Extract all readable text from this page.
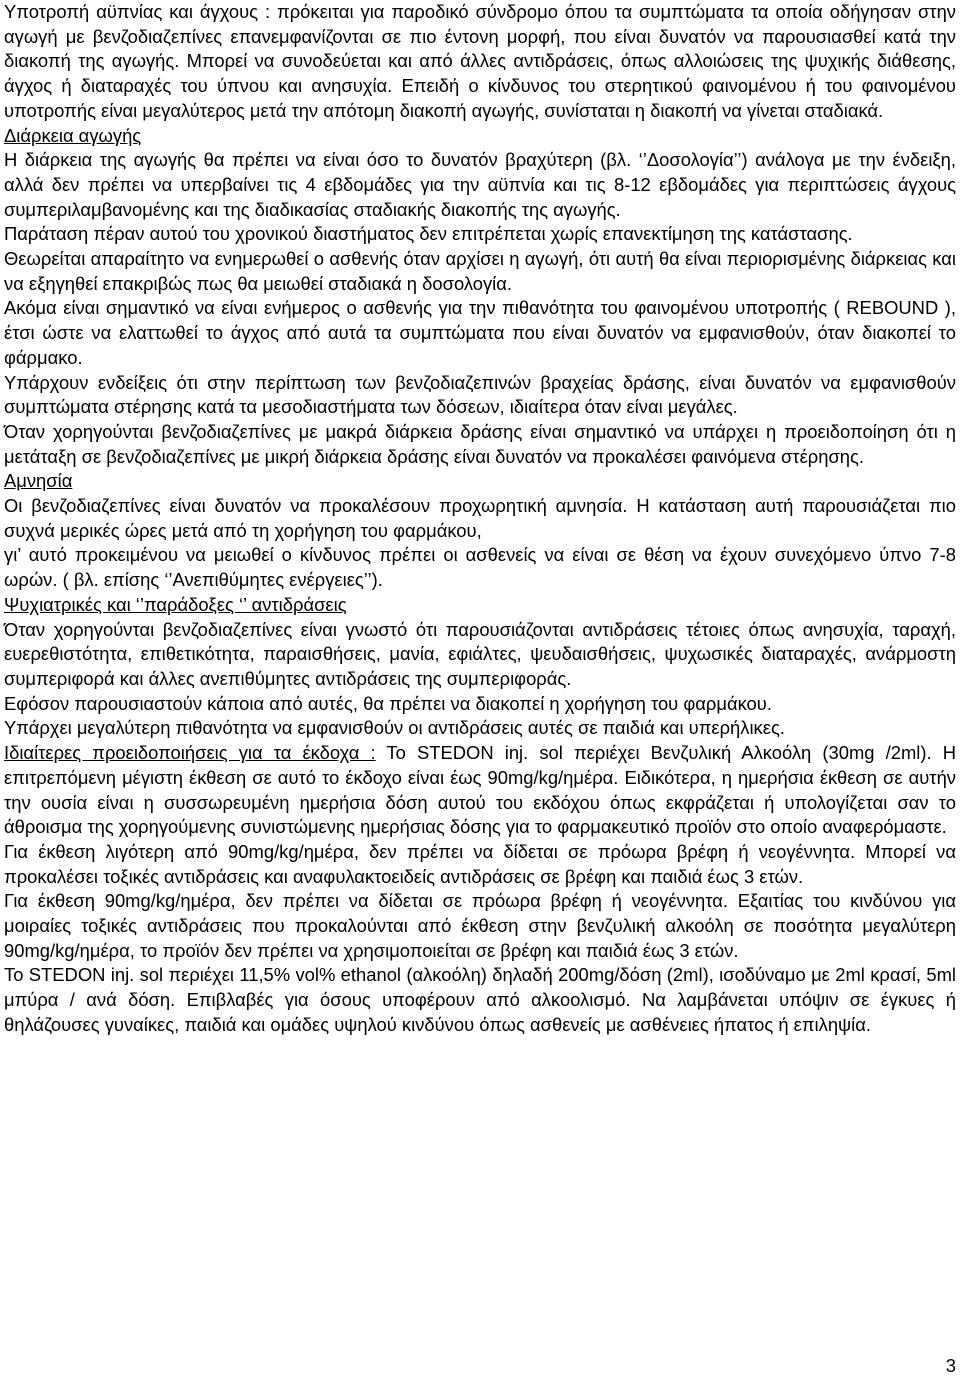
Υποτροπή αϋπνίας και άγχους : πρόκειται για παροδικό σύνδρομο όπου τα συμπτώματα τα οποία οδήγησαν στην αγωγή με βενζοδιαζεπίνες επανεμφανίζονται σε πιο έντονη μορφή, που είναι δυνατόν να παρουσιασθεί κατά την διακοπή της αγωγής. Μπορεί να συνοδεύεται και από άλλες αντιδράσεις, όπως αλλοιώσεις της ψυχικής διάθεσης, άγχος ή διαταραχές του ύπνου και ανησυχία. Επειδή ο κίνδυνος του στερητικού φαινομένου ή του φαινομένου υποτροπής είναι μεγαλύτερος μετά την απότομη διακοπή αγωγής, συνίσταται η διακοπή να γίνεται σταδιακά.

Διάρκεια αγωγής

Η διάρκεια της αγωγής θα πρέπει να είναι όσο το δυνατόν βραχύτερη (βλ. ‘’Δοσολογία’’) ανάλογα με την ένδειξη, αλλά δεν πρέπει να υπερβαίνει τις 4 εβδομάδες για την αϋπνία και τις 8-12 εβδομάδες για περιπτώσεις άγχους συμπεριλαμβανομένης και της διαδικασίας σταδιακής διακοπής της αγωγής.

Παράταση πέραν αυτού του χρονικού διαστήματος δεν επιτρέπεται χωρίς επανεκτίμηση της κατάστασης.

Θεωρείται απαραίτητο να ενημερωθεί ο ασθενής όταν αρχίσει η αγωγή, ότι αυτή θα είναι περιορισμένης διάρκειας και να εξηγηθεί επακριβώς πως θα μειωθεί σταδιακά η δοσολογία.

Ακόμα είναι σημαντικό να είναι ενήμερος ο ασθενής για την πιθανότητα του φαινομένου υποτροπής ( REBOUND ), έτσι ώστε να ελαττωθεί το άγχος από αυτά τα συμπτώματα που είναι δυνατόν να εμφανισθούν, όταν διακοπεί το φάρμακο.

Υπάρχουν ενδείξεις ότι στην περίπτωση των βενζοδιαζεπινών βραχείας δράσης, είναι δυνατόν να εμφανισθούν συμπτώματα στέρησης κατά τα μεσοδιαστήματα των δόσεων, ιδιαίτερα όταν είναι μεγάλες.

Όταν χορηγούνται βενζοδιαζεπίνες με μακρά διάρκεια δράσης είναι σημαντικό να υπάρχει η προειδοποίηση ότι η μετάταξη σε βενζοδιαζεπίνες με μικρή διάρκεια δράσης είναι δυνατόν να προκαλέσει φαινόμενα στέρησης.

Αμνησία

Οι βενζοδιαζεπίνες είναι δυνατόν να προκαλέσουν προχωρητική αμνησία. Η κατάσταση αυτή παρουσιάζεται πιο συχνά μερικές ώρες μετά από τη χορήγηση του φαρμάκου,

γι’ αυτό προκειμένου να μειωθεί ο κίνδυνος πρέπει οι ασθενείς να είναι σε θέση να έχουν συνεχόμενο ύπνο 7-8 ωρών. ( βλ. επίσης ‘’Ανεπιθύμητες ενέργειες’’).

Ψυχιατρικές και ‘’παράδοξες ‘’ αντιδράσεις

Όταν χορηγούνται βενζοδιαζεπίνες είναι γνωστό ότι παρουσιάζονται αντιδράσεις τέτοιες όπως ανησυχία, ταραχή, ευερεθιστότητα, επιθετικότητα, παραισθήσεις, μανία, εφιάλτες, ψευδαισθήσεις, ψυχωσικές διαταραχές, ανάρμοστη συμπεριφορά και άλλες ανεπιθύμητες αντιδράσεις της συμπεριφοράς.

Εφόσον παρουσιαστούν κάποια από αυτές, θα πρέπει να διακοπεί η χορήγηση του φαρμάκου.

Υπάρχει μεγαλύτερη πιθανότητα να εμφανισθούν οι αντιδράσεις αυτές σε παιδιά και υπερήλικες.

Ιδιαίτερες προειδοποιήσεις για τα έκδοχα : Το STEDON inj. sol περιέχει Βενζυλική Αλκοόλη (30mg /2ml). Η επιτρεπόμενη μέγιστη έκθεση σε αυτό το έκδοχο είναι έως 90mg/kg/ημέρα. Ειδικότερα, η ημερήσια έκθεση σε αυτήν την ουσία είναι η συσσωρευμένη ημερήσια δόση αυτού του εκδόχου όπως εκφράζεται ή υπολογίζεται σαν το άθροισμα της χορηγούμενης συνιστώμενης ημερήσιας δόσης για το φαρμακευτικό προϊόν στο οποίο αναφερόμαστε.

Για έκθεση λιγότερη από 90mg/kg/ημέρα, δεν πρέπει να δίδεται σε πρόωρα βρέφη ή νεογέννητα. Μπορεί να προκαλέσει τοξικές αντιδράσεις και αναφυλακτοειδείς αντιδράσεις σε βρέφη και παιδιά έως 3 ετών.

Για έκθεση 90mg/kg/ημέρα, δεν πρέπει να δίδεται σε πρόωρα βρέφη ή νεογέννητα. Εξαιτίας του κινδύνου για μοιραίες τοξικές αντιδράσεις που προκαλούνται από έκθεση στην βενζυλική αλκοόλη σε ποσότητα μεγαλύτερη 90mg/kg/ημέρα, το προϊόν δεν πρέπει να χρησιμοποιείται σε βρέφη και παιδιά έως 3 ετών.

Το STEDON inj. sol περιέχει 11,5% vol% ethanol (αλκοόλη) δηλαδή 200mg/δόση (2ml), ισοδύναμο με 2ml κρασί, 5ml μπύρα / ανά δόση. Επιβλαβές για όσους υποφέρουν από αλκοολισμό. Να λαμβάνεται υπόψιν σε έγκυες ή θηλάζουσες γυναίκες, παιδιά και ομάδες υψηλού κινδύνου όπως ασθενείς με ασθένειες ήπατος ή επιληψία.

3
